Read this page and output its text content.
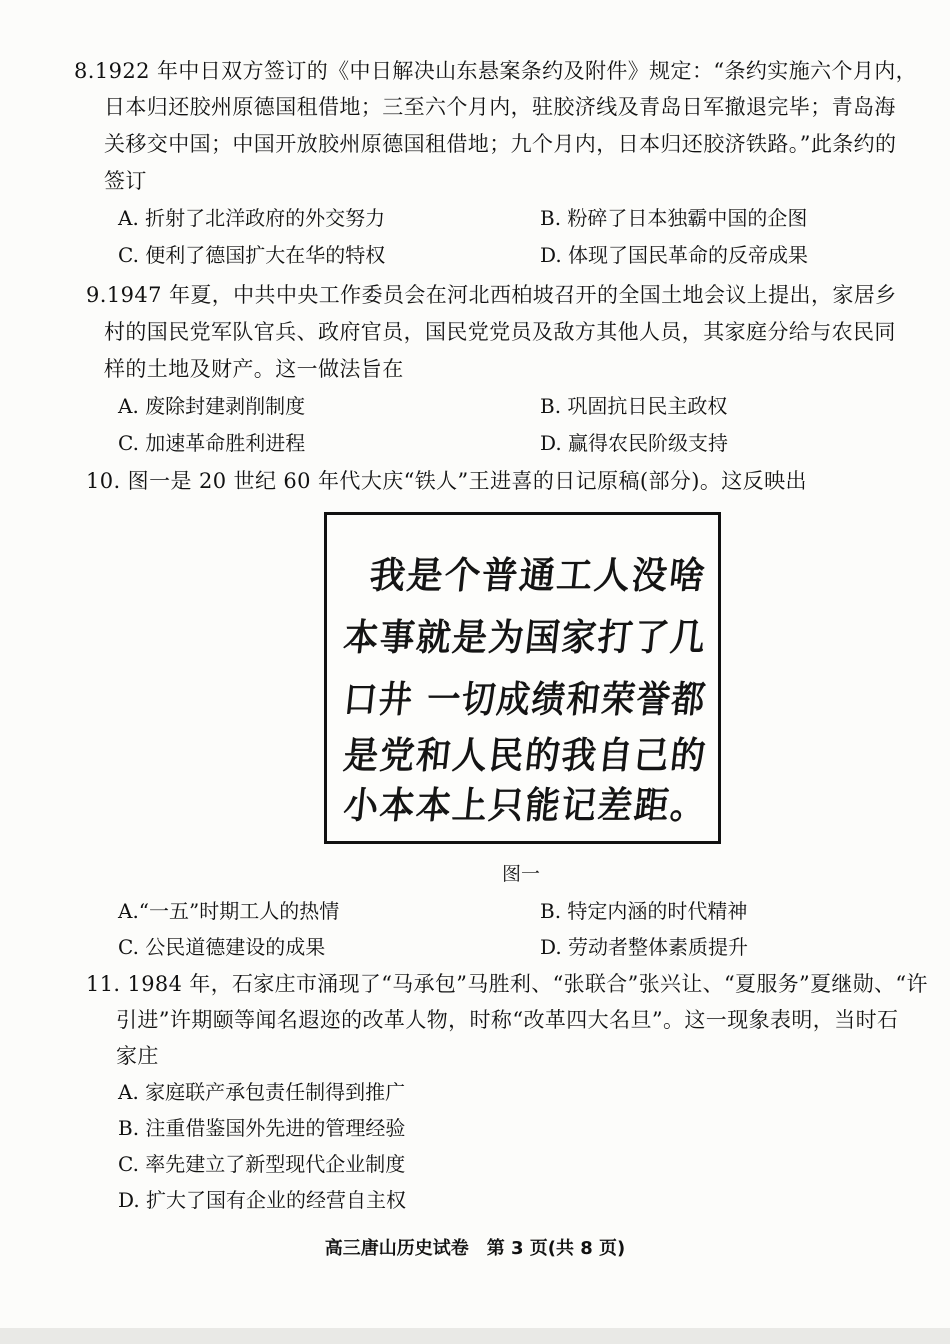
8.1922 年中日双方签订的《中日解决山东悬案条约及附件》规定：“条约实施六个月内，
日本归还胶州原德国租借地；三至六个月内，驻胶济线及青岛日军撤退完毕；青岛海
关移交中国；中国开放胶州原德国租借地；九个月内，日本归还胶济铁路。”此条约的
签订
A. 折射了北洋政府的外交努力	B. 粉碎了日本独霸中国的企图
C. 便利了德国扩大在华的特权	D. 体现了国民革命的反帝成果
9.1947 年夏，中共中央工作委员会在河北西柏坡召开的全国土地会议上提出，家居乡
村的国民党军队官兵、政府官员，国民党党员及敌方其他人员，其家庭分给与农民同
样的土地及财产。这一做法旨在
A. 废除封建剥削制度	B. 巩固抗日民主政权
C. 加速革命胜利进程	D. 赢得农民阶级支持
10. 图一是 20 世纪 60 年代大庆“铁人”王进喜的日记原稿(部分)。这反映出
我是个普通工人没啥
本事就是为国家打了几
口井 一切成绩和荣誉都
是党和人民的我自己的
小本本上只能记差距。
图一
A.“一五”时期工人的热情	B. 特定内涵的时代精神
C. 公民道德建设的成果	D. 劳动者整体素质提升
11. 1984 年，石家庄市涌现了“马承包”马胜利、“张联合”张兴让、“夏服务”夏继勋、“许
引进”许期颐等闻名遐迩的改革人物，时称“改革四大名旦”。这一现象表明，当时石
家庄
A. 家庭联产承包责任制得到推广
B. 注重借鉴国外先进的管理经验
C. 率先建立了新型现代企业制度
D. 扩大了国有企业的经营自主权
高三唐山历史试卷　第 3 页(共 8 页)
